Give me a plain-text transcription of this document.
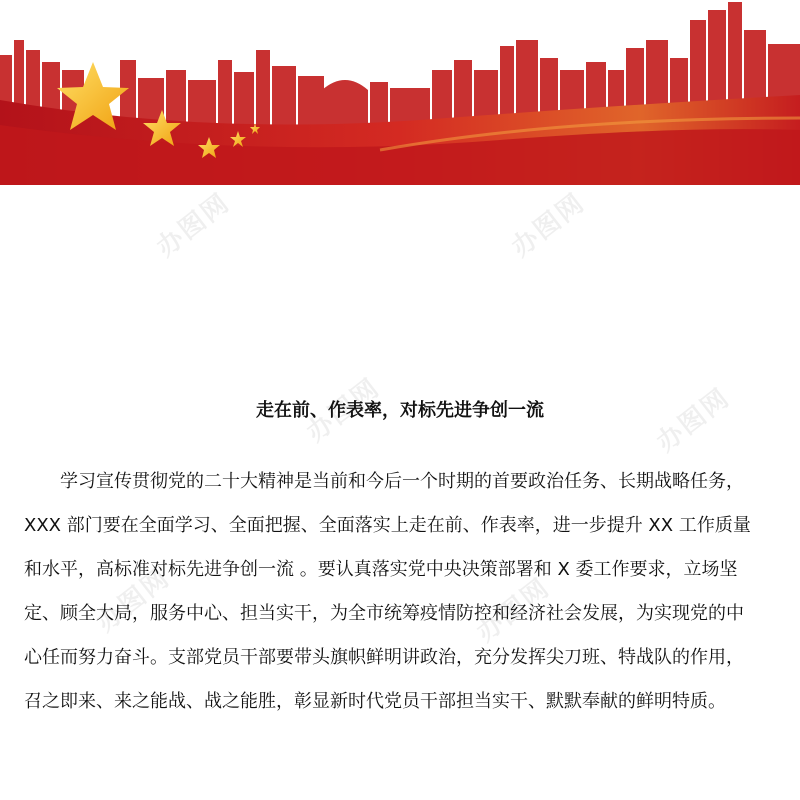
办图网	办图网
办图网	办图网
办图网	办图网
走在前、作表率，对标先进争创一流

学习宣传贯彻党的二十大精神是当前和今后一个时期的首要政治任务、长期战略任务，

XXX 部门要在全面学习、全面把握、全面落实上走在前、作表率，进一步提升 XX 工作质量

和水平，高标准对标先进争创一流 。要认真落实党中央决策部署和 X 委工作要求，立场坚

定、顾全大局，服务中心、担当实干，为全市统筹疫情防控和经济社会发展，为实现党的中

心任而努力奋斗。支部党员干部要带头旗帜鲜明讲政治，充分发挥尖刀班、特战队的作用，

召之即来、来之能战、战之能胜，彰显新时代党员干部担当实干、默默奉献的鲜明特质。
